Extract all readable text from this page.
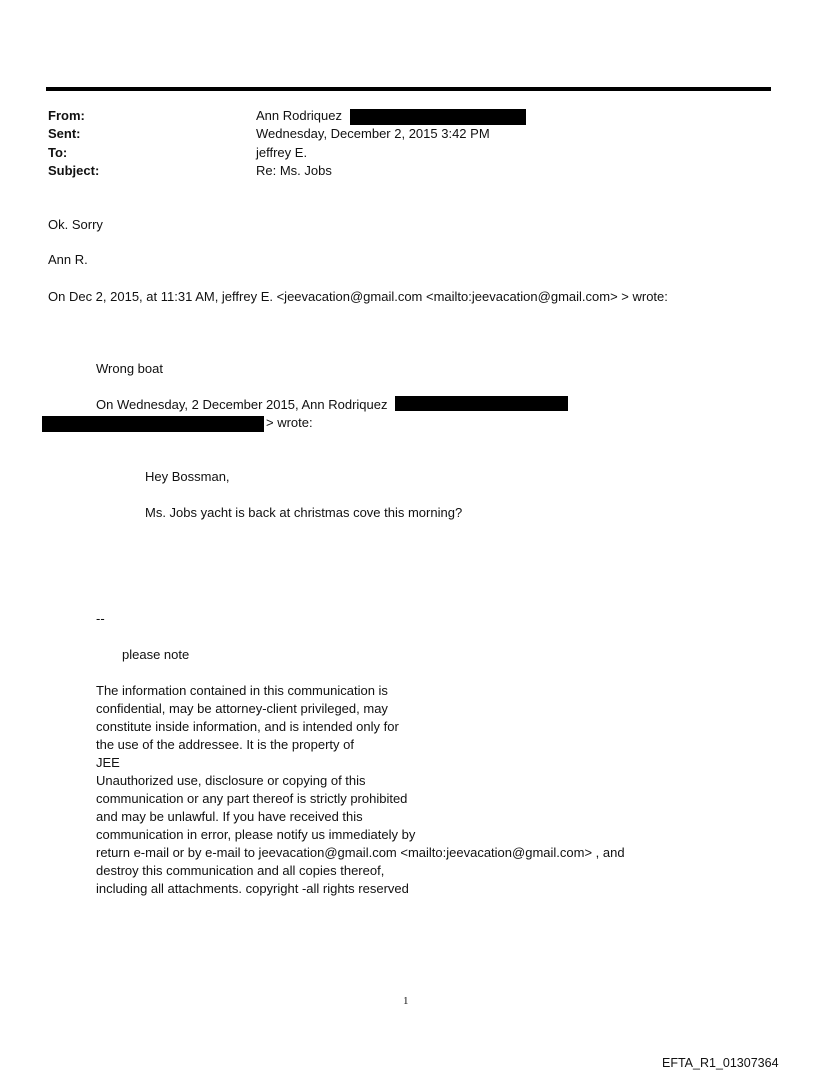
From:	Ann Rodriquez
Sent:	Wednesday, December 2, 2015 3:42 PM
To:	jeffrey E.
Subject:	Re: Ms. Jobs
Ok. Sorry
Ann R.
On Dec 2, 2015, at 11:31 AM, jeffrey E. <jeevacation@gmail.com <mailto:jeevacation@gmail.com> > wrote:
Wrong boat
On Wednesday, 2 December 2015, Ann Rodriquez
> wrote:
Hey Bossman,
Ms. Jobs yacht is back at christmas cove this morning?
--
please note
The information contained in this communication is
confidential, may be attorney-client privileged, may
constitute inside information, and is intended only for
the use of the addressee. It is the property of
JEE
Unauthorized use, disclosure or copying of this
communication or any part thereof is strictly prohibited
and may be unlawful. If you have received this
communication in error, please notify us immediately by
return e-mail or by e-mail to jeevacation@gmail.com <mailto:jeevacation@gmail.com> , and
destroy this communication and all copies thereof,
including all attachments. copyright -all rights reserved
1
EFTA_R1_01307364
